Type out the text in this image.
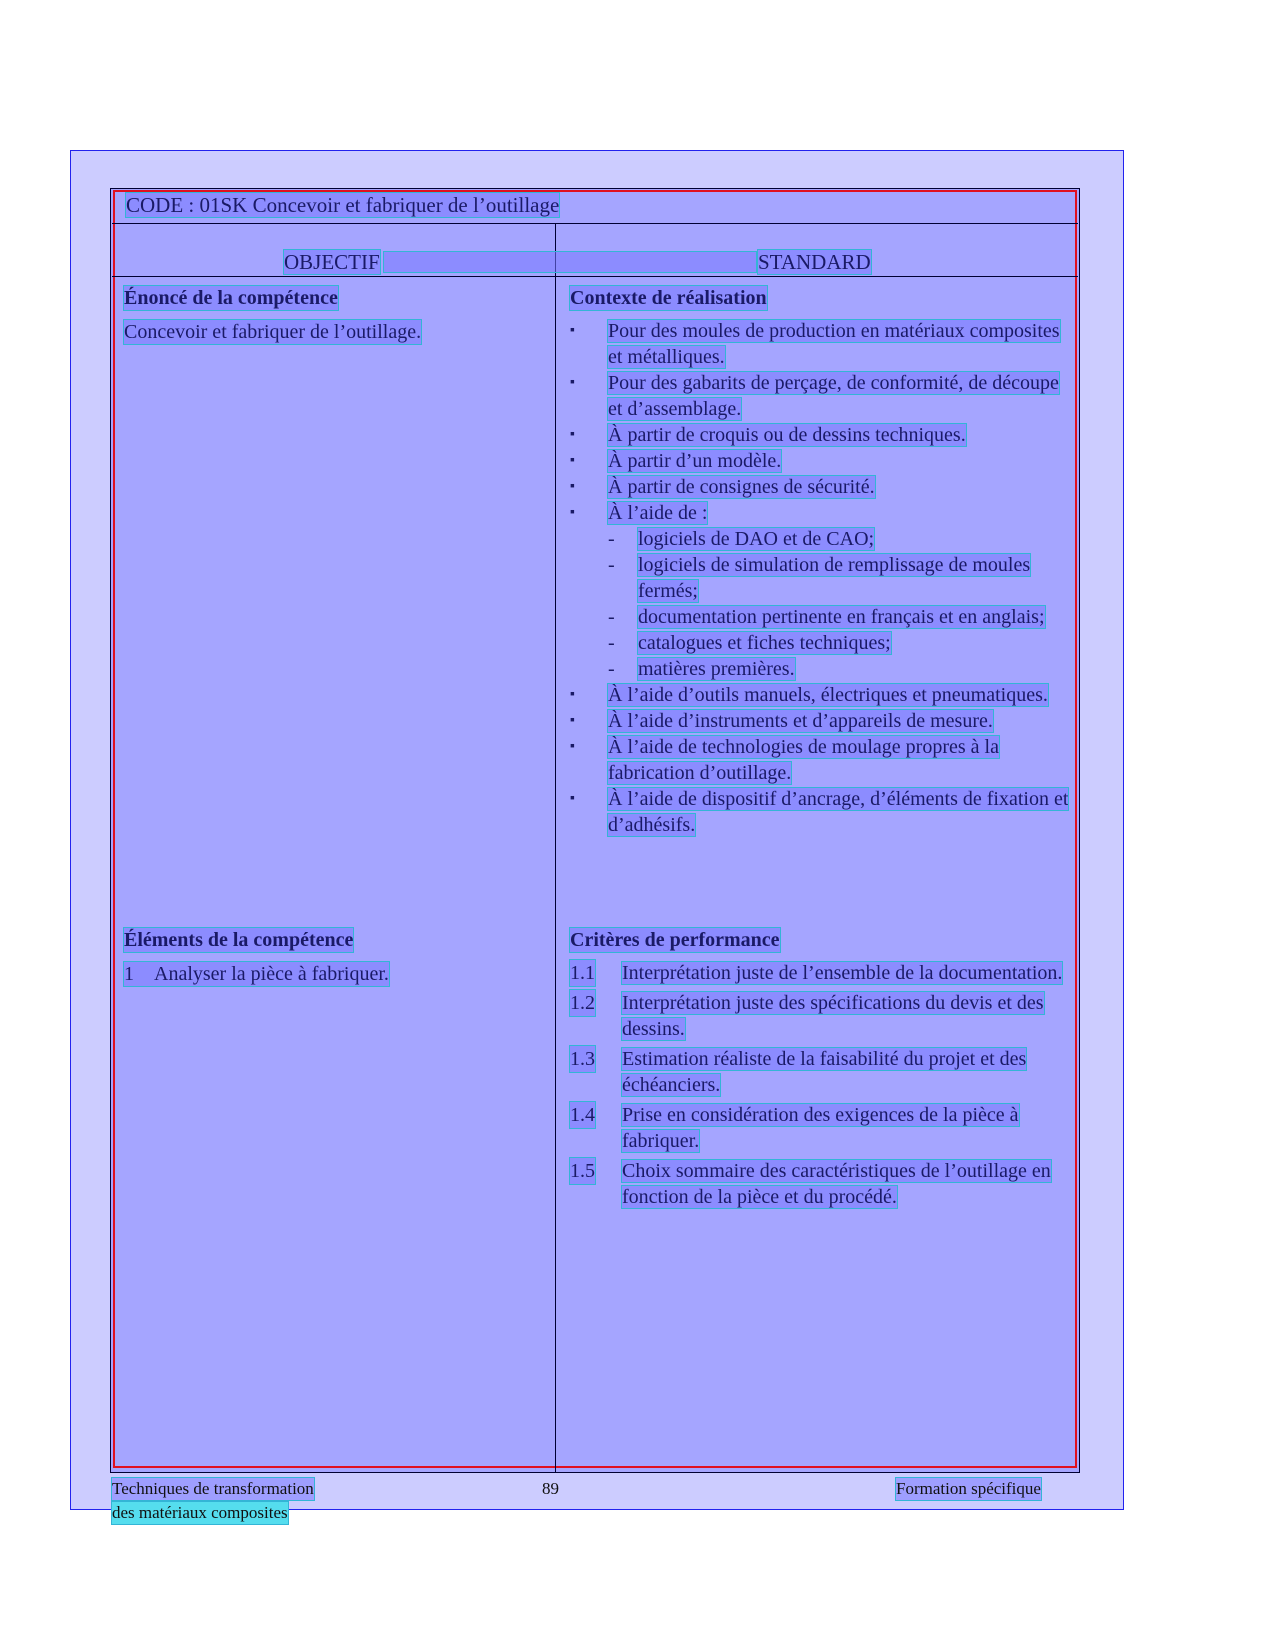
CODE : 01SK Concevoir et fabriquer de l’outillage
OBJECTIF	STANDARD
Énoncé de la compétence
Concevoir et fabriquer de l’outillage.
Contexte de réalisation
▪ Pour des moules de production en matériaux composites et métalliques.
▪ Pour des gabarits de perçage, de conformité, de découpe et d’assemblage.
▪ À partir de croquis ou de dessins techniques.
▪ À partir d’un modèle.
▪ À partir de consignes de sécurité.
▪ À l’aide de :
- logiciels de DAO et de CAO;
- logiciels de simulation de remplissage de moules fermés;
- documentation pertinente en français et en anglais;
- catalogues et fiches techniques;
- matières premières.
▪ À l’aide d’outils manuels, électriques et pneumatiques.
▪ À l’aide d’instruments et d’appareils de mesure.
▪ À l’aide de technologies de moulage propres à la fabrication d’outillage.
▪ À l’aide de dispositif d’ancrage, d’éléments de fixation et d’adhésifs.
Éléments de la compétence
1 Analyser la pièce à fabriquer.
Critères de performance
1.1 Interprétation juste de l’ensemble de la documentation.
1.2 Interprétation juste des spécifications du devis et des dessins.
1.3 Estimation réaliste de la faisabilité du projet et des échéanciers.
1.4 Prise en considération des exigences de la pièce à fabriquer.
1.5 Choix sommaire des caractéristiques de l’outillage en fonction de la pièce et du procédé.
Techniques de transformation
des matériaux composites
89	Formation spécifique
